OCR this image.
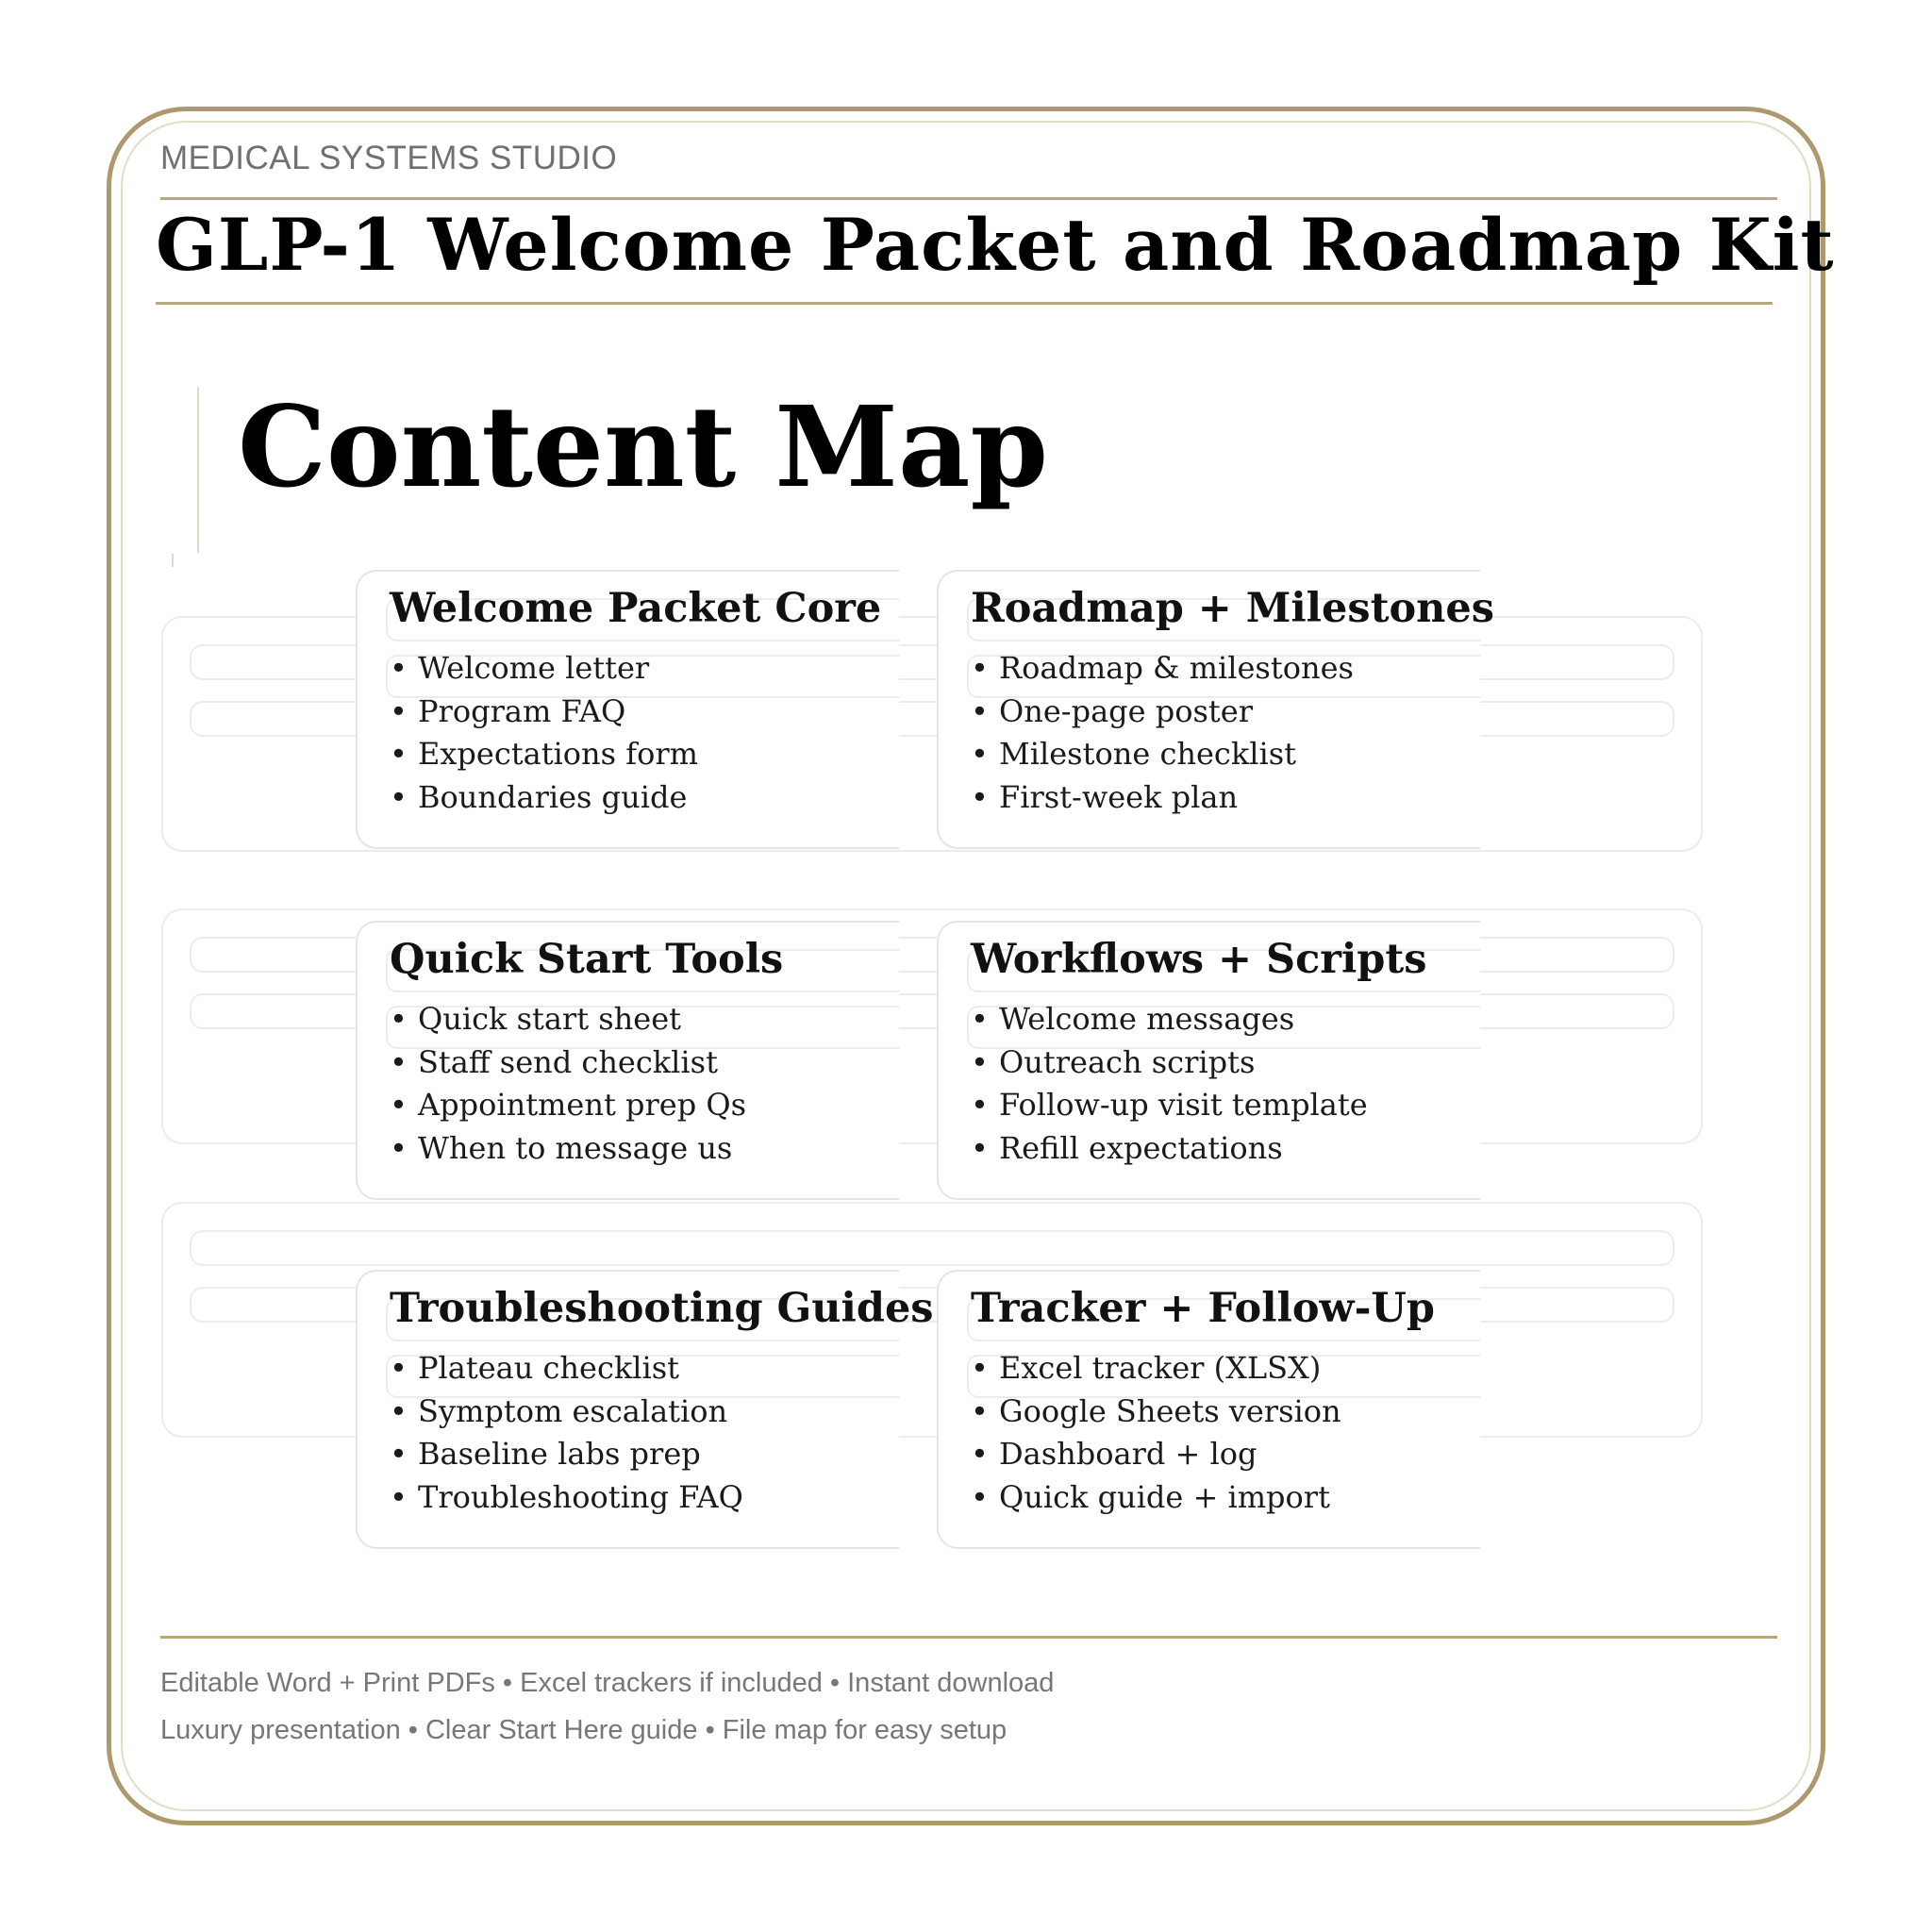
MEDICAL SYSTEMS STUDIO
GLP-1 Welcome Packet and Roadmap Kit
Content Map
Welcome Packet Core
• Welcome letter
• Program FAQ
• Expectations form
• Boundaries guide
Roadmap + Milestones
• Roadmap & milestones
• One-page poster
• Milestone checklist
• First-week plan
Quick Start Tools
• Quick start sheet
• Staff send checklist
• Appointment prep Qs
• When to message us
Workflows + Scripts
• Welcome messages
• Outreach scripts
• Follow-up visit template
• Refill expectations
Troubleshooting Guides
• Plateau checklist
• Symptom escalation
• Baseline labs prep
• Troubleshooting FAQ
Tracker + Follow-Up
• Excel tracker (XLSX)
• Google Sheets version
• Dashboard + log
• Quick guide + import
Editable Word + Print PDFs • Excel trackers if included • Instant download
Luxury presentation • Clear Start Here guide • File map for easy setup
